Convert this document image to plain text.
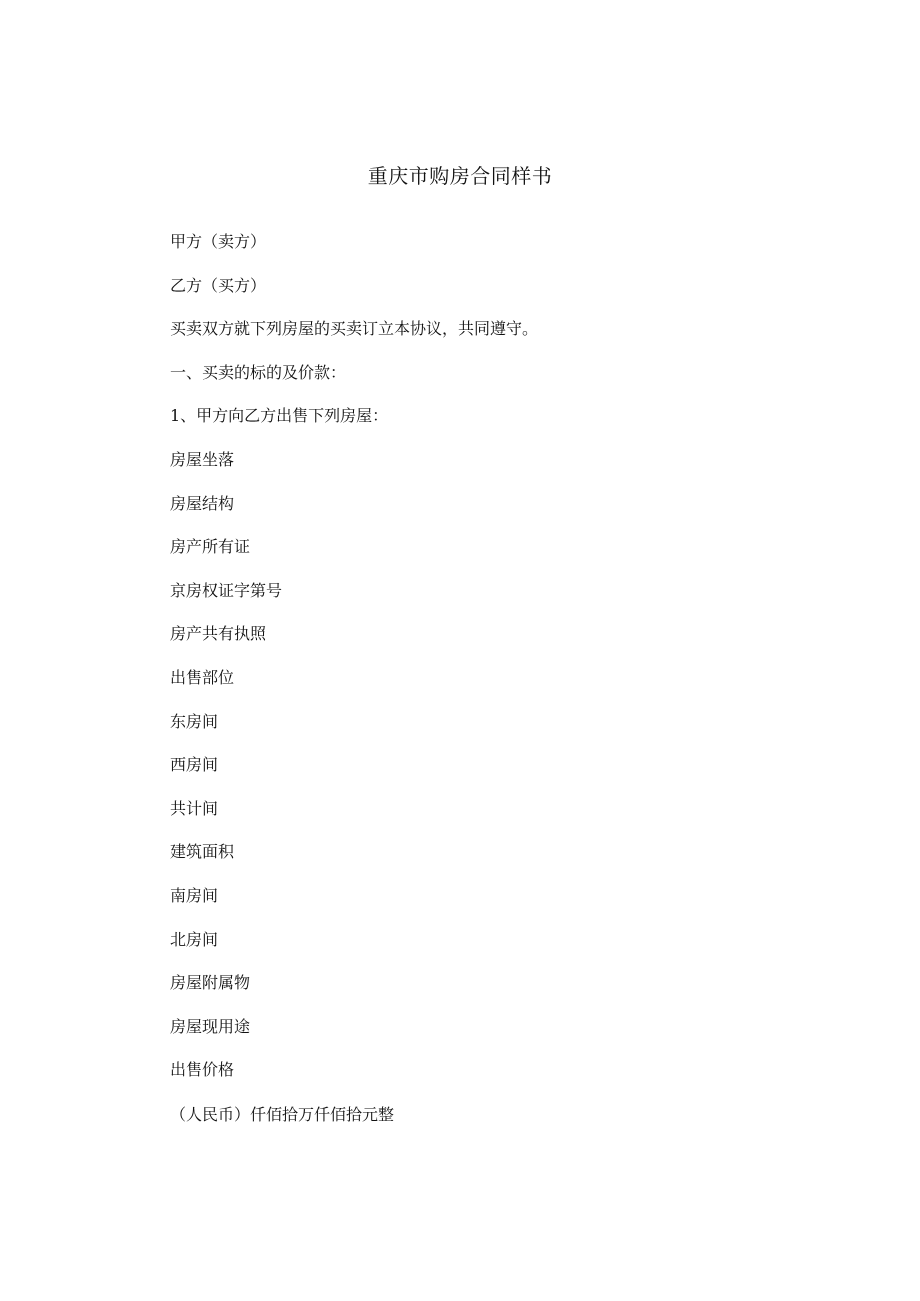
重庆市购房合同样书
甲方（卖方）
乙方（买方）
买卖双方就下列房屋的买卖订立本协议，共同遵守。
一、买卖的标的及价款：
1、甲方向乙方出售下列房屋：
房屋坐落
房屋结构
房产所有证
京房权证字第号
房产共有执照
出售部位
东房间
西房间
共计间
建筑面积
南房间
北房间
房屋附属物
房屋现用途
出售价格
（人民币）仟佰拾万仟佰拾元整
